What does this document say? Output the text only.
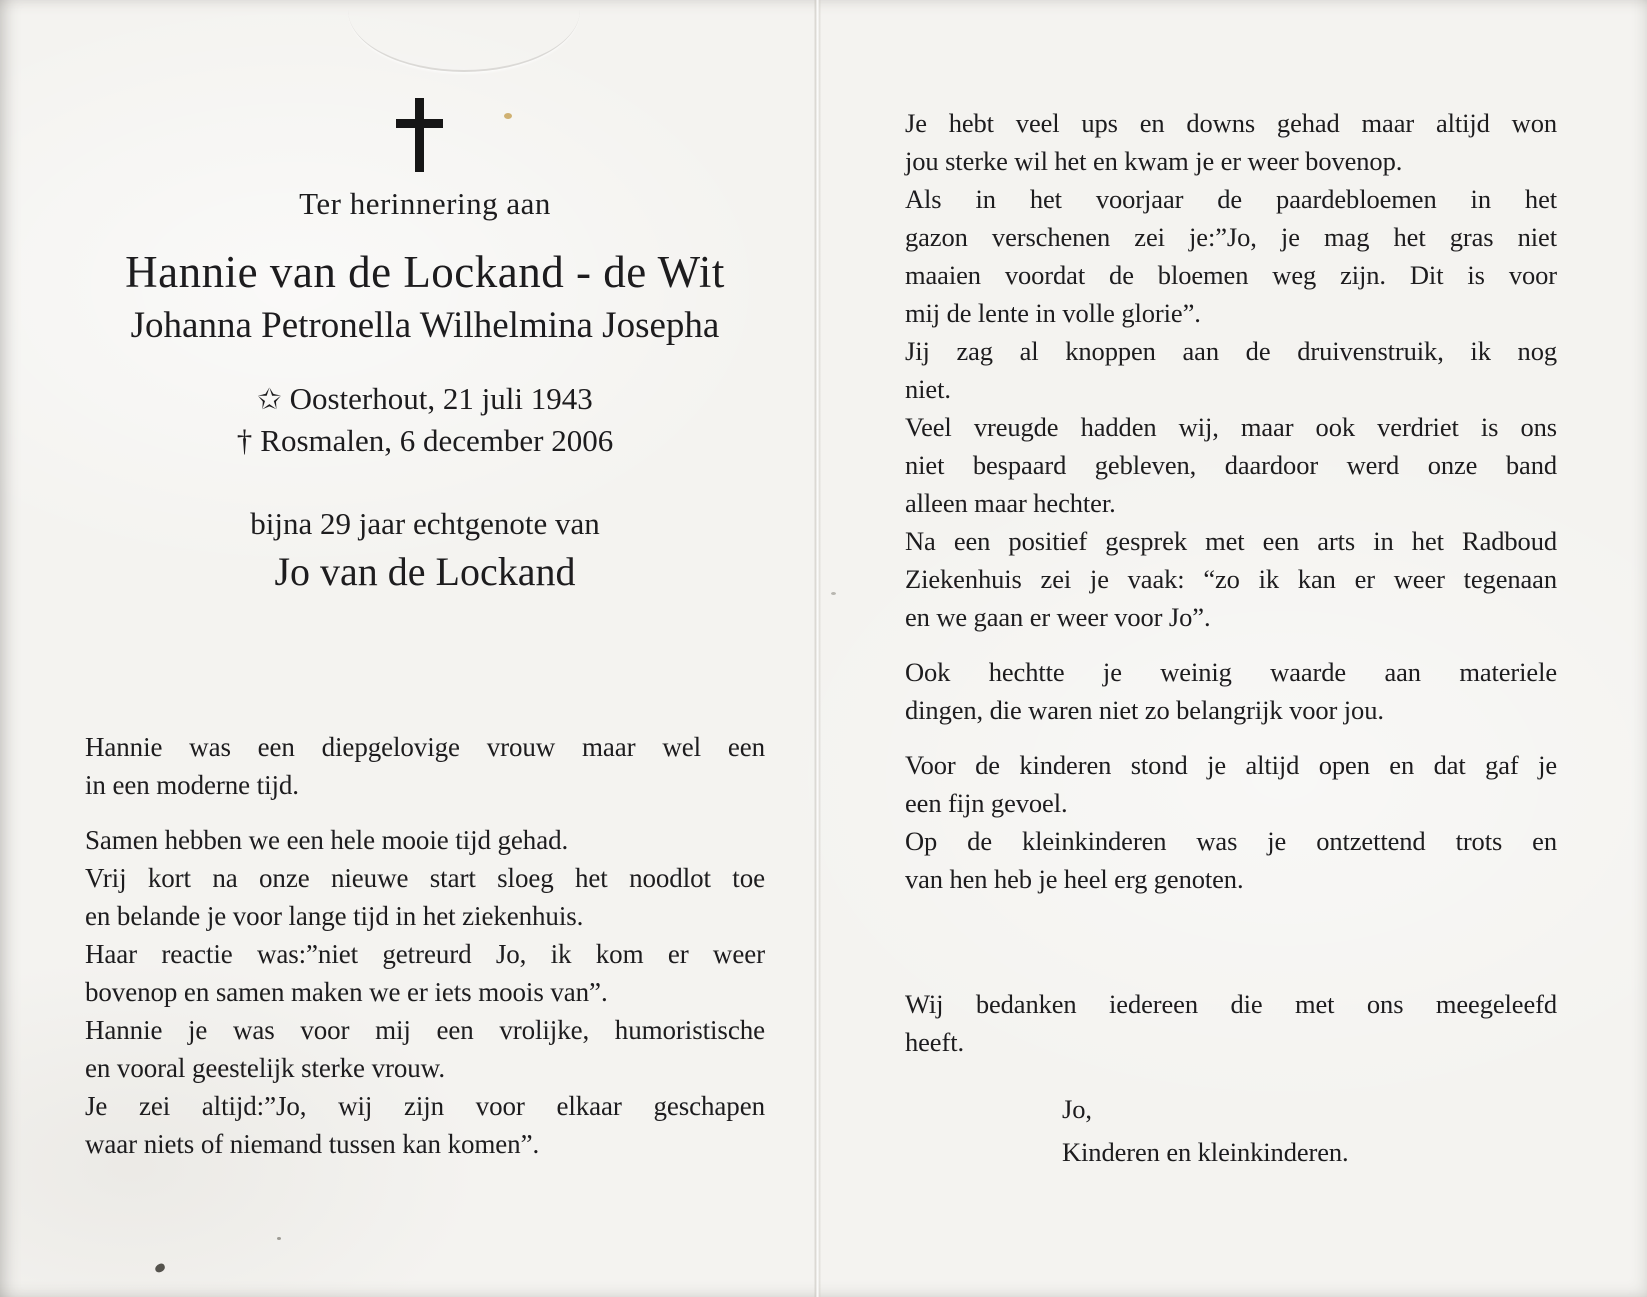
Ter herinnering aan
Hannie van de Lockand - de Wit
Johanna Petronella Wilhelmina Josepha
✩ Oosterhout, 21 juli 1943
† Rosmalen, 6 december 2006
bijna 29 jaar echtgenote van
Jo van de Lockand
Hannie was een diepgelovige vrouw maar wel een
in een moderne tijd.
Samen hebben we een hele mooie tijd gehad.
Vrij kort na onze nieuwe start sloeg het noodlot toe
en belande je voor lange tijd in het ziekenhuis.
Haar reactie was:”niet getreurd Jo, ik kom er weer
bovenop en samen maken we er iets moois van”.
Hannie je was voor mij een vrolijke, humoristische
en vooral geestelijk sterke vrouw.
Je zei altijd:”Jo, wij zijn voor elkaar geschapen
waar niets of niemand tussen kan komen”.
Je hebt veel ups en downs gehad maar altijd won
jou sterke wil het en kwam je er weer bovenop.
Als in het voorjaar de paardebloemen in het
gazon verschenen zei je:”Jo, je mag het gras niet
maaien voordat de bloemen weg zijn. Dit is voor
mij de lente in volle glorie”.
Jij zag al knoppen aan de druivenstruik, ik nog
niet.
Veel vreugde hadden wij, maar ook verdriet is ons
niet bespaard gebleven, daardoor werd onze band
alleen maar hechter.
Na een positief gesprek met een arts in het Radboud
Ziekenhuis zei je vaak: “zo ik kan er weer tegenaan
en we gaan er weer voor Jo”.
Ook hechtte je weinig waarde aan materiele
dingen, die waren niet zo belangrijk voor jou.
Voor de kinderen stond je altijd open en dat gaf je
een fijn gevoel.
Op de kleinkinderen was je ontzettend trots en
van hen heb je heel erg genoten.
Wij bedanken iedereen die met ons meegeleefd
heeft.
Jo,
Kinderen en kleinkinderen.
